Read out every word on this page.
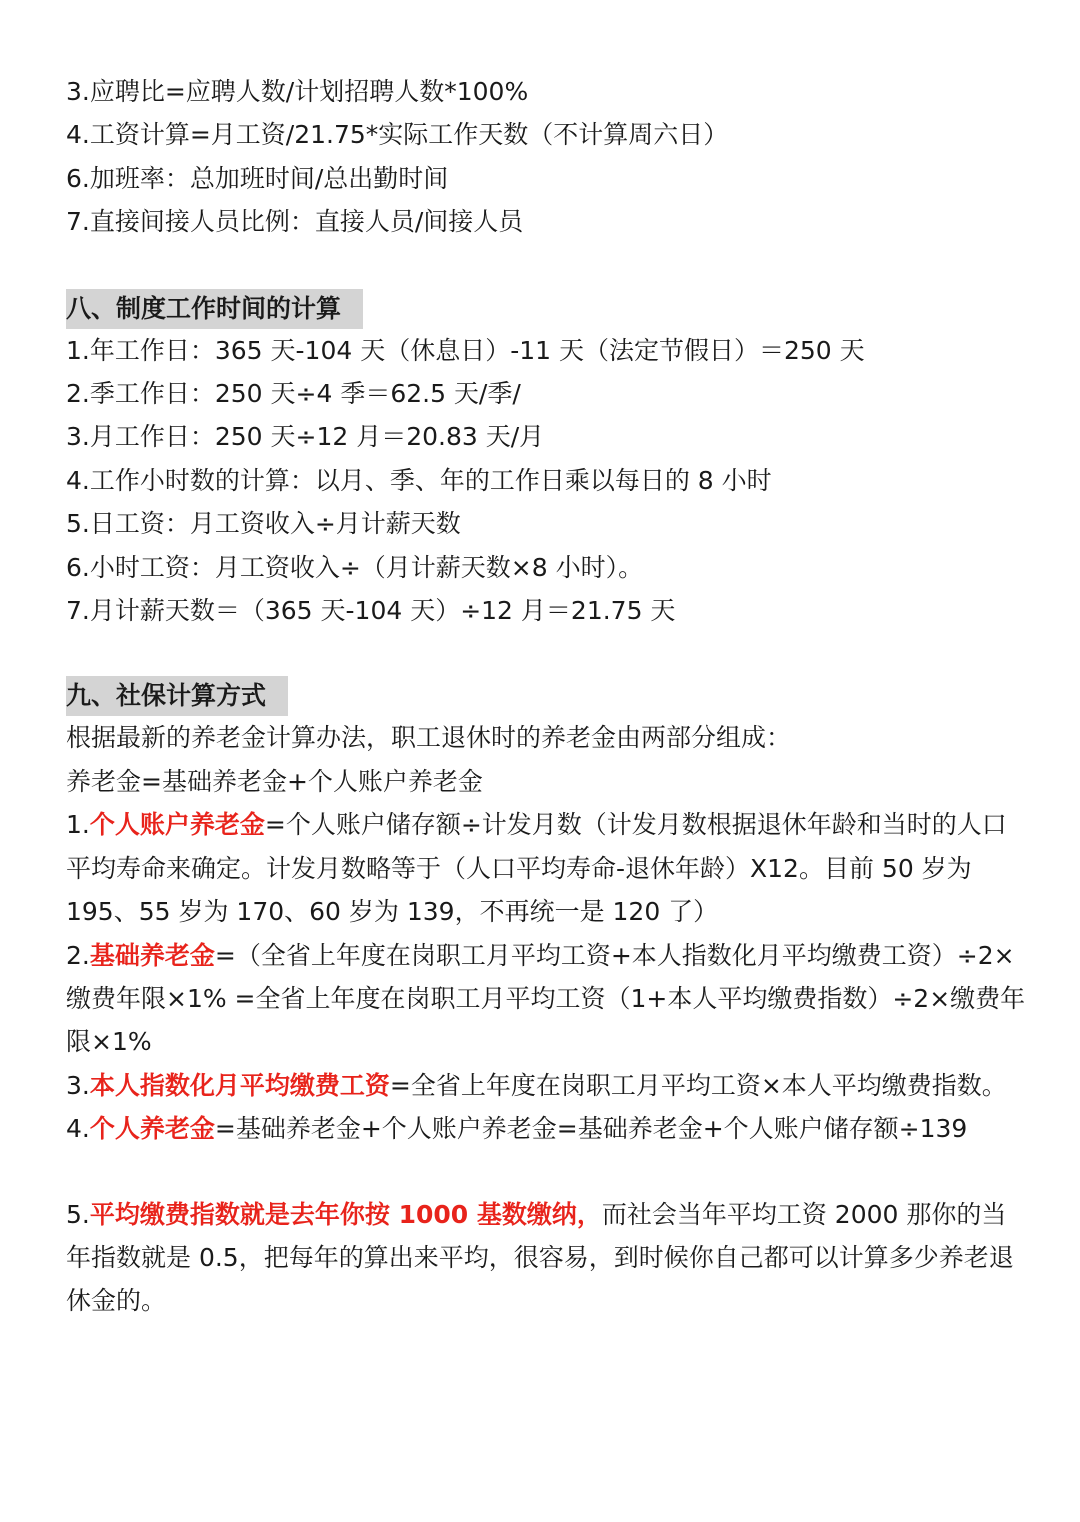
3.应聘比=应聘人数/计划招聘人数*100%
4.工资计算=月工资/21.75*实际工作天数（不计算周六日）
6.加班率：总加班时间/总出勤时间
7.直接间接人员比例：直接人员/间接人员
八、制度工作时间的计算
1.年工作日：365 天-104 天（休息日）-11 天（法定节假日）＝250 天
2.季工作日：250 天÷4 季＝62.5 天/季/
3.月工作日：250 天÷12 月＝20.83 天/月
4.工作小时数的计算：以月、季、年的工作日乘以每日的 8 小时
5.日工资：月工资收入÷月计薪天数
6.小时工资：月工资收入÷（月计薪天数×8 小时）。
7.月计薪天数＝（365 天-104 天）÷12 月＝21.75 天
九、社保计算方式
根据最新的养老金计算办法，职工退休时的养老金由两部分组成：
养老金=基础养老金+个人账户养老金
1.个人账户养老金=个人账户储存额÷计发月数（计发月数根据退休年龄和当时的人口平均寿命来确定。计发月数略等于（人口平均寿命-退休年龄）X12。目前 50 岁为 195、55 岁为 170、60 岁为 139，不再统一是 120 了）
2.基础养老金=（全省上年度在岗职工月平均工资+本人指数化月平均缴费工资）÷2×缴费年限×1% =全省上年度在岗职工月平均工资（1+本人平均缴费指数）÷2×缴费年限×1%
3.本人指数化月平均缴费工资=全省上年度在岗职工月平均工资×本人平均缴费指数。
4.个人养老金=基础养老金+个人账户养老金=基础养老金+个人账户储存额÷139
5.平均缴费指数就是去年你按 1000 基数缴纳，而社会当年平均工资 2000 那你的当年指数就是 0.5，把每年的算出来平均，很容易，到时候你自己都可以计算多少养老退休金的。
